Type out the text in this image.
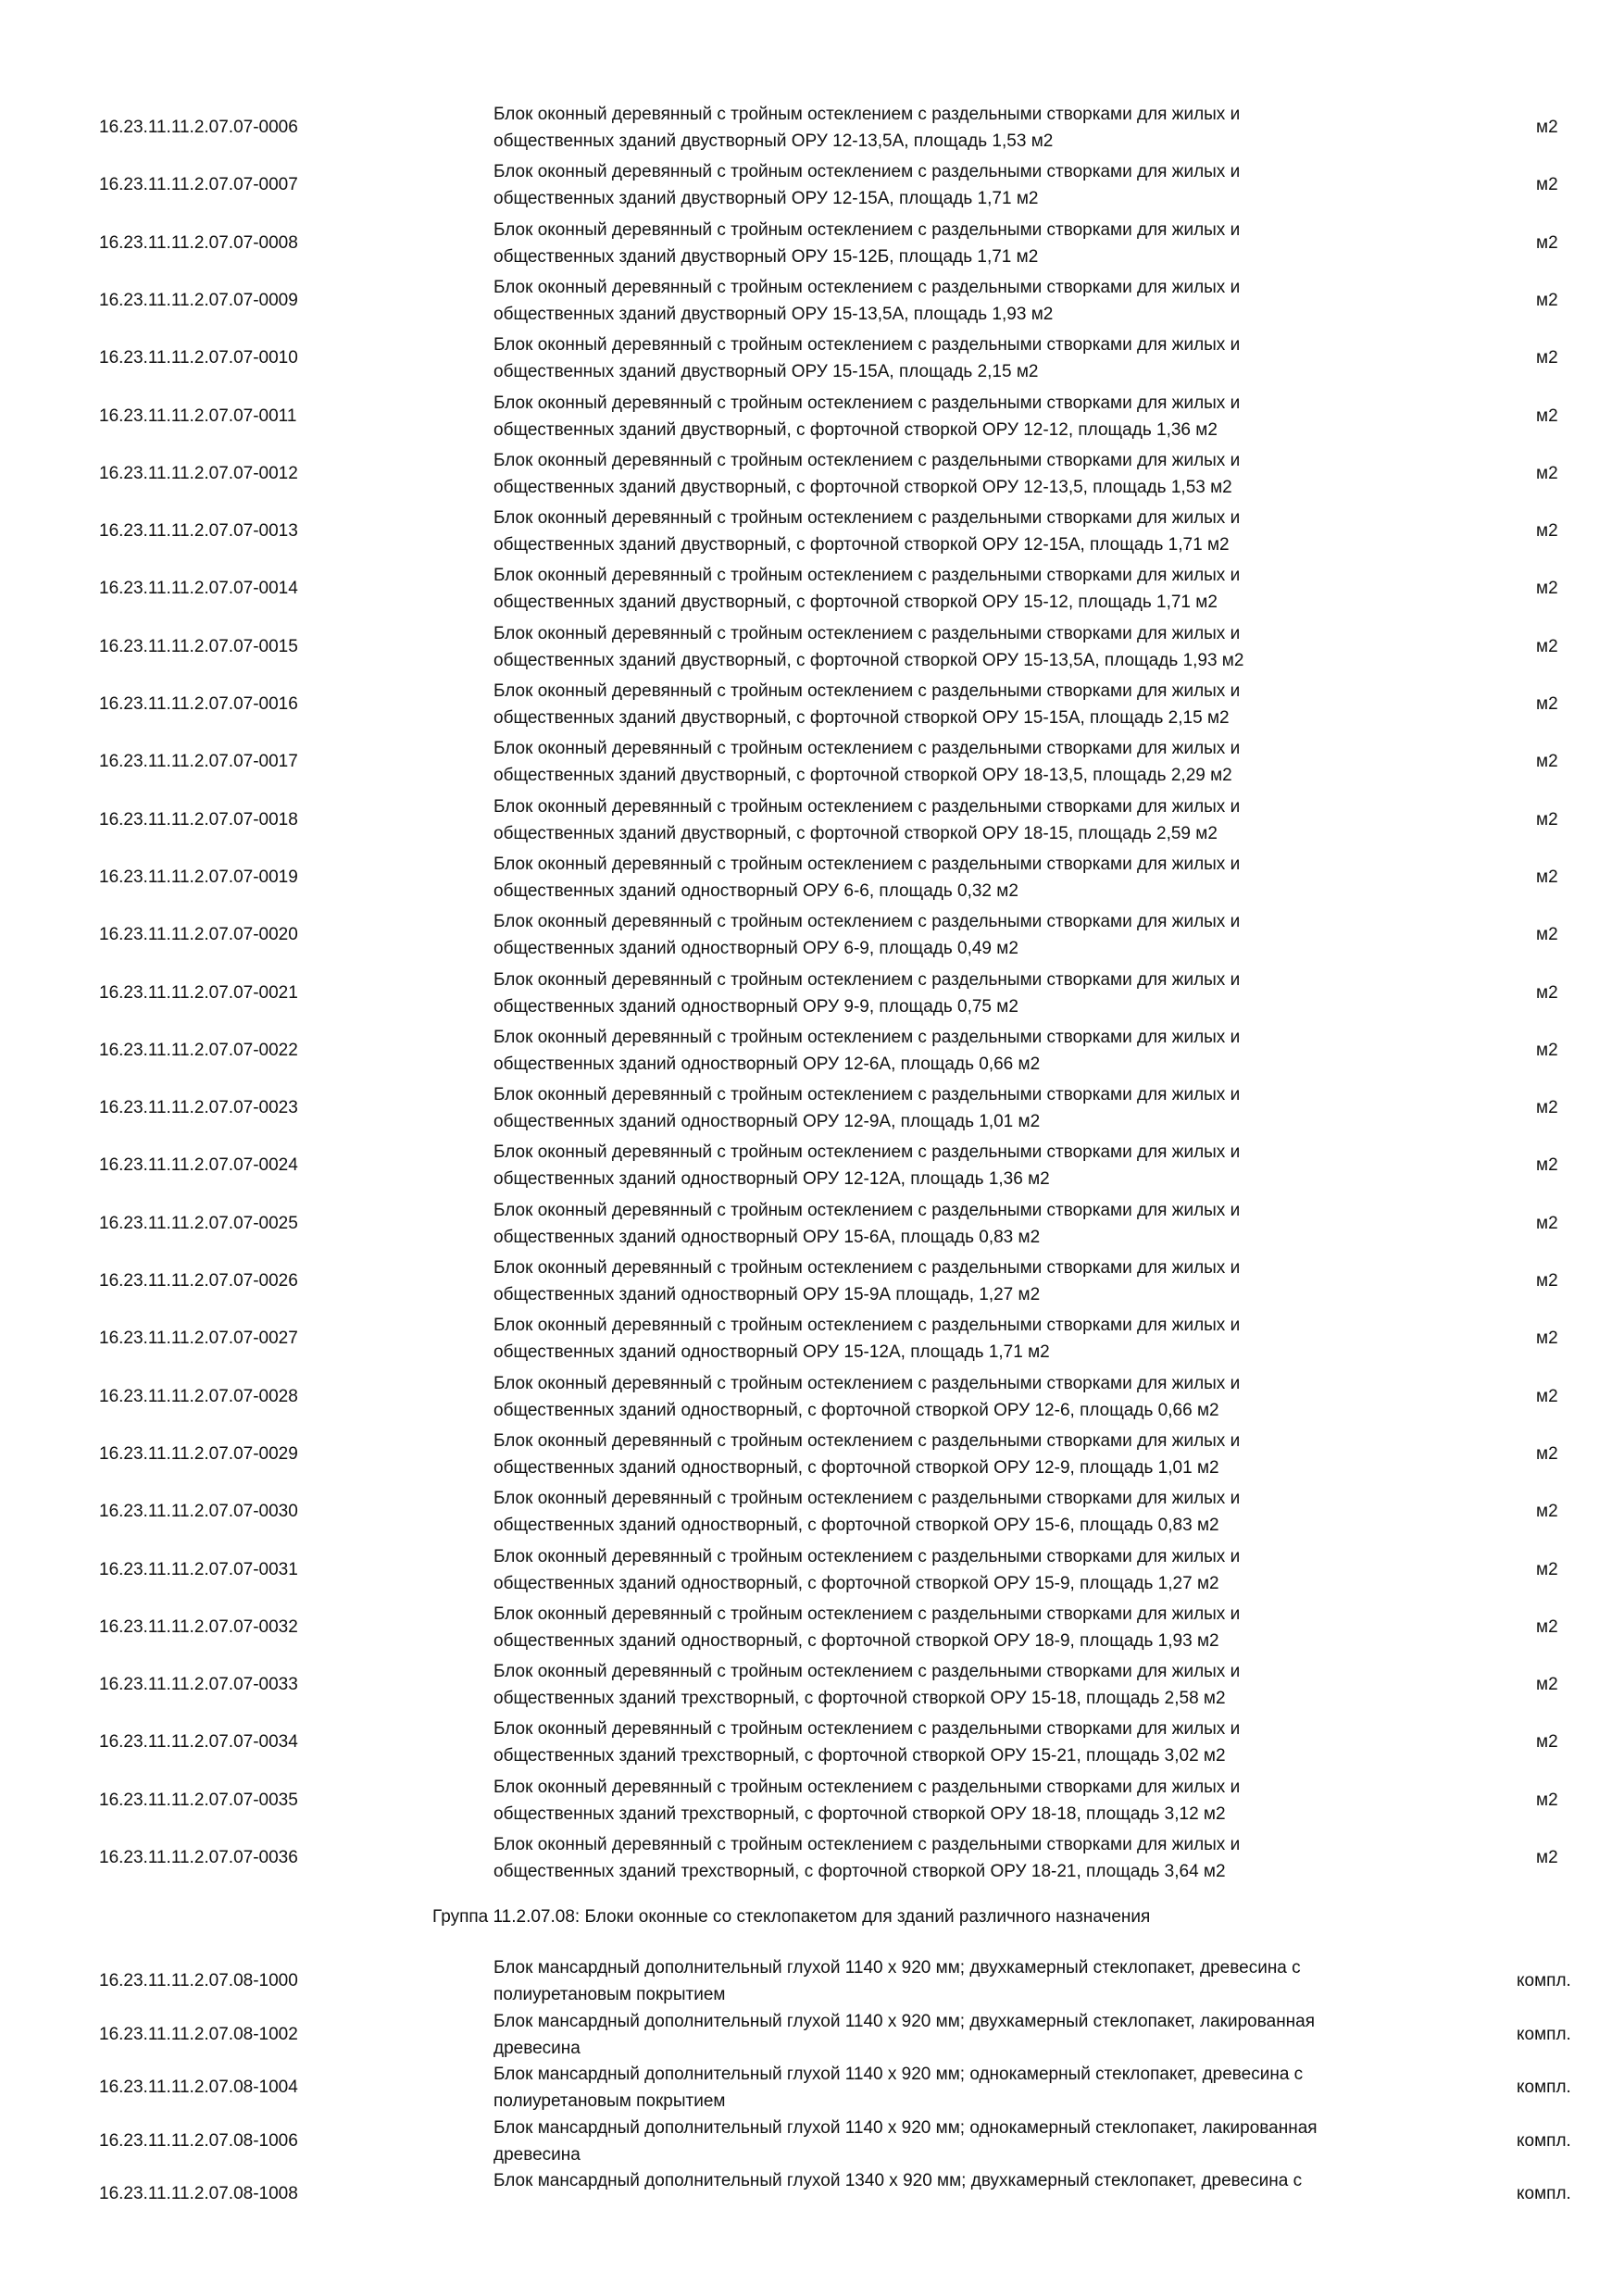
16.23.11.11.2.07.07-0006
Блок оконный деревянный с тройным остеклением с раздельными створками для жилых и
общественных зданий двустворный ОРУ 12-13,5А, площадь 1,53 м2
м2
16.23.11.11.2.07.07-0007
Блок оконный деревянный с тройным остеклением с раздельными створками для жилых и
общественных зданий двустворный ОРУ 12-15А, площадь 1,71 м2
м2
16.23.11.11.2.07.07-0008
Блок оконный деревянный с тройным остеклением с раздельными створками для жилых и
общественных зданий двустворный ОРУ 15-12Б, площадь 1,71 м2
м2
16.23.11.11.2.07.07-0009
Блок оконный деревянный с тройным остеклением с раздельными створками для жилых и
общественных зданий двустворный ОРУ 15-13,5А, площадь 1,93 м2
м2
16.23.11.11.2.07.07-0010
Блок оконный деревянный с тройным остеклением с раздельными створками для жилых и
общественных зданий двустворный ОРУ 15-15А, площадь 2,15 м2
м2
16.23.11.11.2.07.07-0011
Блок оконный деревянный с тройным остеклением с раздельными створками для жилых и
общественных зданий двустворный, с форточной створкой ОРУ 12-12, площадь 1,36 м2
м2
16.23.11.11.2.07.07-0012
Блок оконный деревянный с тройным остеклением с раздельными створками для жилых и
общественных зданий двустворный, с форточной створкой ОРУ 12-13,5, площадь 1,53 м2
м2
16.23.11.11.2.07.07-0013
Блок оконный деревянный с тройным остеклением с раздельными створками для жилых и
общественных зданий двустворный, с форточной створкой ОРУ 12-15А, площадь 1,71 м2
м2
16.23.11.11.2.07.07-0014
Блок оконный деревянный с тройным остеклением с раздельными створками для жилых и
общественных зданий двустворный, с форточной створкой ОРУ 15-12, площадь 1,71 м2
м2
16.23.11.11.2.07.07-0015
Блок оконный деревянный с тройным остеклением с раздельными створками для жилых и
общественных зданий двустворный, с форточной створкой ОРУ 15-13,5А, площадь 1,93 м2
м2
16.23.11.11.2.07.07-0016
Блок оконный деревянный с тройным остеклением с раздельными створками для жилых и
общественных зданий двустворный, с форточной створкой ОРУ 15-15А, площадь 2,15 м2
м2
16.23.11.11.2.07.07-0017
Блок оконный деревянный с тройным остеклением с раздельными створками для жилых и
общественных зданий двустворный, с форточной створкой ОРУ 18-13,5, площадь 2,29 м2
м2
16.23.11.11.2.07.07-0018
Блок оконный деревянный с тройным остеклением с раздельными створками для жилых и
общественных зданий двустворный, с форточной створкой ОРУ 18-15, площадь 2,59 м2
м2
16.23.11.11.2.07.07-0019
Блок оконный деревянный с тройным остеклением с раздельными створками для жилых и
общественных зданий одностворный ОРУ 6-6, площадь 0,32 м2
м2
16.23.11.11.2.07.07-0020
Блок оконный деревянный с тройным остеклением с раздельными створками для жилых и
общественных зданий одностворный ОРУ 6-9, площадь 0,49 м2
м2
16.23.11.11.2.07.07-0021
Блок оконный деревянный с тройным остеклением с раздельными створками для жилых и
общественных зданий одностворный ОРУ 9-9, площадь 0,75 м2
м2
16.23.11.11.2.07.07-0022
Блок оконный деревянный с тройным остеклением с раздельными створками для жилых и
общественных зданий одностворный ОРУ 12-6А, площадь 0,66 м2
м2
16.23.11.11.2.07.07-0023
Блок оконный деревянный с тройным остеклением с раздельными створками для жилых и
общественных зданий одностворный ОРУ 12-9А, площадь 1,01 м2
м2
16.23.11.11.2.07.07-0024
Блок оконный деревянный с тройным остеклением с раздельными створками для жилых и
общественных зданий одностворный ОРУ 12-12А, площадь 1,36 м2
м2
16.23.11.11.2.07.07-0025
Блок оконный деревянный с тройным остеклением с раздельными створками для жилых и
общественных зданий одностворный ОРУ 15-6А, площадь 0,83 м2
м2
16.23.11.11.2.07.07-0026
Блок оконный деревянный с тройным остеклением с раздельными створками для жилых и
общественных зданий одностворный ОРУ 15-9А площадь, 1,27 м2
м2
16.23.11.11.2.07.07-0027
Блок оконный деревянный с тройным остеклением с раздельными створками для жилых и
общественных зданий одностворный ОРУ 15-12А, площадь 1,71 м2
м2
16.23.11.11.2.07.07-0028
Блок оконный деревянный с тройным остеклением с раздельными створками для жилых и
общественных зданий одностворный, с форточной створкой ОРУ 12-6, площадь 0,66 м2
м2
16.23.11.11.2.07.07-0029
Блок оконный деревянный с тройным остеклением с раздельными створками для жилых и
общественных зданий одностворный, с форточной створкой ОРУ 12-9, площадь 1,01 м2
м2
16.23.11.11.2.07.07-0030
Блок оконный деревянный с тройным остеклением с раздельными створками для жилых и
общественных зданий одностворный, с форточной створкой ОРУ 15-6, площадь 0,83 м2
м2
16.23.11.11.2.07.07-0031
Блок оконный деревянный с тройным остеклением с раздельными створками для жилых и
общественных зданий одностворный, с форточной створкой ОРУ 15-9, площадь 1,27 м2
м2
16.23.11.11.2.07.07-0032
Блок оконный деревянный с тройным остеклением с раздельными створками для жилых и
общественных зданий одностворный, с форточной створкой ОРУ 18-9, площадь 1,93 м2
м2
16.23.11.11.2.07.07-0033
Блок оконный деревянный с тройным остеклением с раздельными створками для жилых и
общественных зданий трехстворный, с форточной створкой ОРУ 15-18, площадь 2,58 м2
м2
16.23.11.11.2.07.07-0034
Блок оконный деревянный с тройным остеклением с раздельными створками для жилых и
общественных зданий трехстворный, с форточной створкой ОРУ 15-21, площадь 3,02 м2
м2
16.23.11.11.2.07.07-0035
Блок оконный деревянный с тройным остеклением с раздельными створками для жилых и
общественных зданий трехстворный, с форточной створкой ОРУ 18-18, площадь 3,12 м2
м2
16.23.11.11.2.07.07-0036
Блок оконный деревянный с тройным остеклением с раздельными створками для жилых и
общественных зданий трехстворный, с форточной створкой ОРУ 18-21, площадь 3,64 м2
м2
Группа 11.2.07.08: Блоки оконные со стеклопакетом для зданий различного назначения
16.23.11.11.2.07.08-1000
Блок мансардный дополнительный глухой 1140 х 920 мм; двухкамерный стеклопакет, древесина с
полиуретановым покрытием
компл.
16.23.11.11.2.07.08-1002
Блок мансардный дополнительный глухой 1140 х 920 мм; двухкамерный стеклопакет, лакированная
древесина
компл.
16.23.11.11.2.07.08-1004
Блок мансардный дополнительный глухой 1140 х 920 мм; однокамерный стеклопакет, древесина с
полиуретановым покрытием
компл.
16.23.11.11.2.07.08-1006
Блок мансардный дополнительный глухой 1140 х 920 мм; однокамерный стеклопакет, лакированная
древесина
компл.
16.23.11.11.2.07.08-1008
Блок мансардный дополнительный глухой 1340 х 920 мм; двухкамерный стеклопакет, древесина с
компл.
